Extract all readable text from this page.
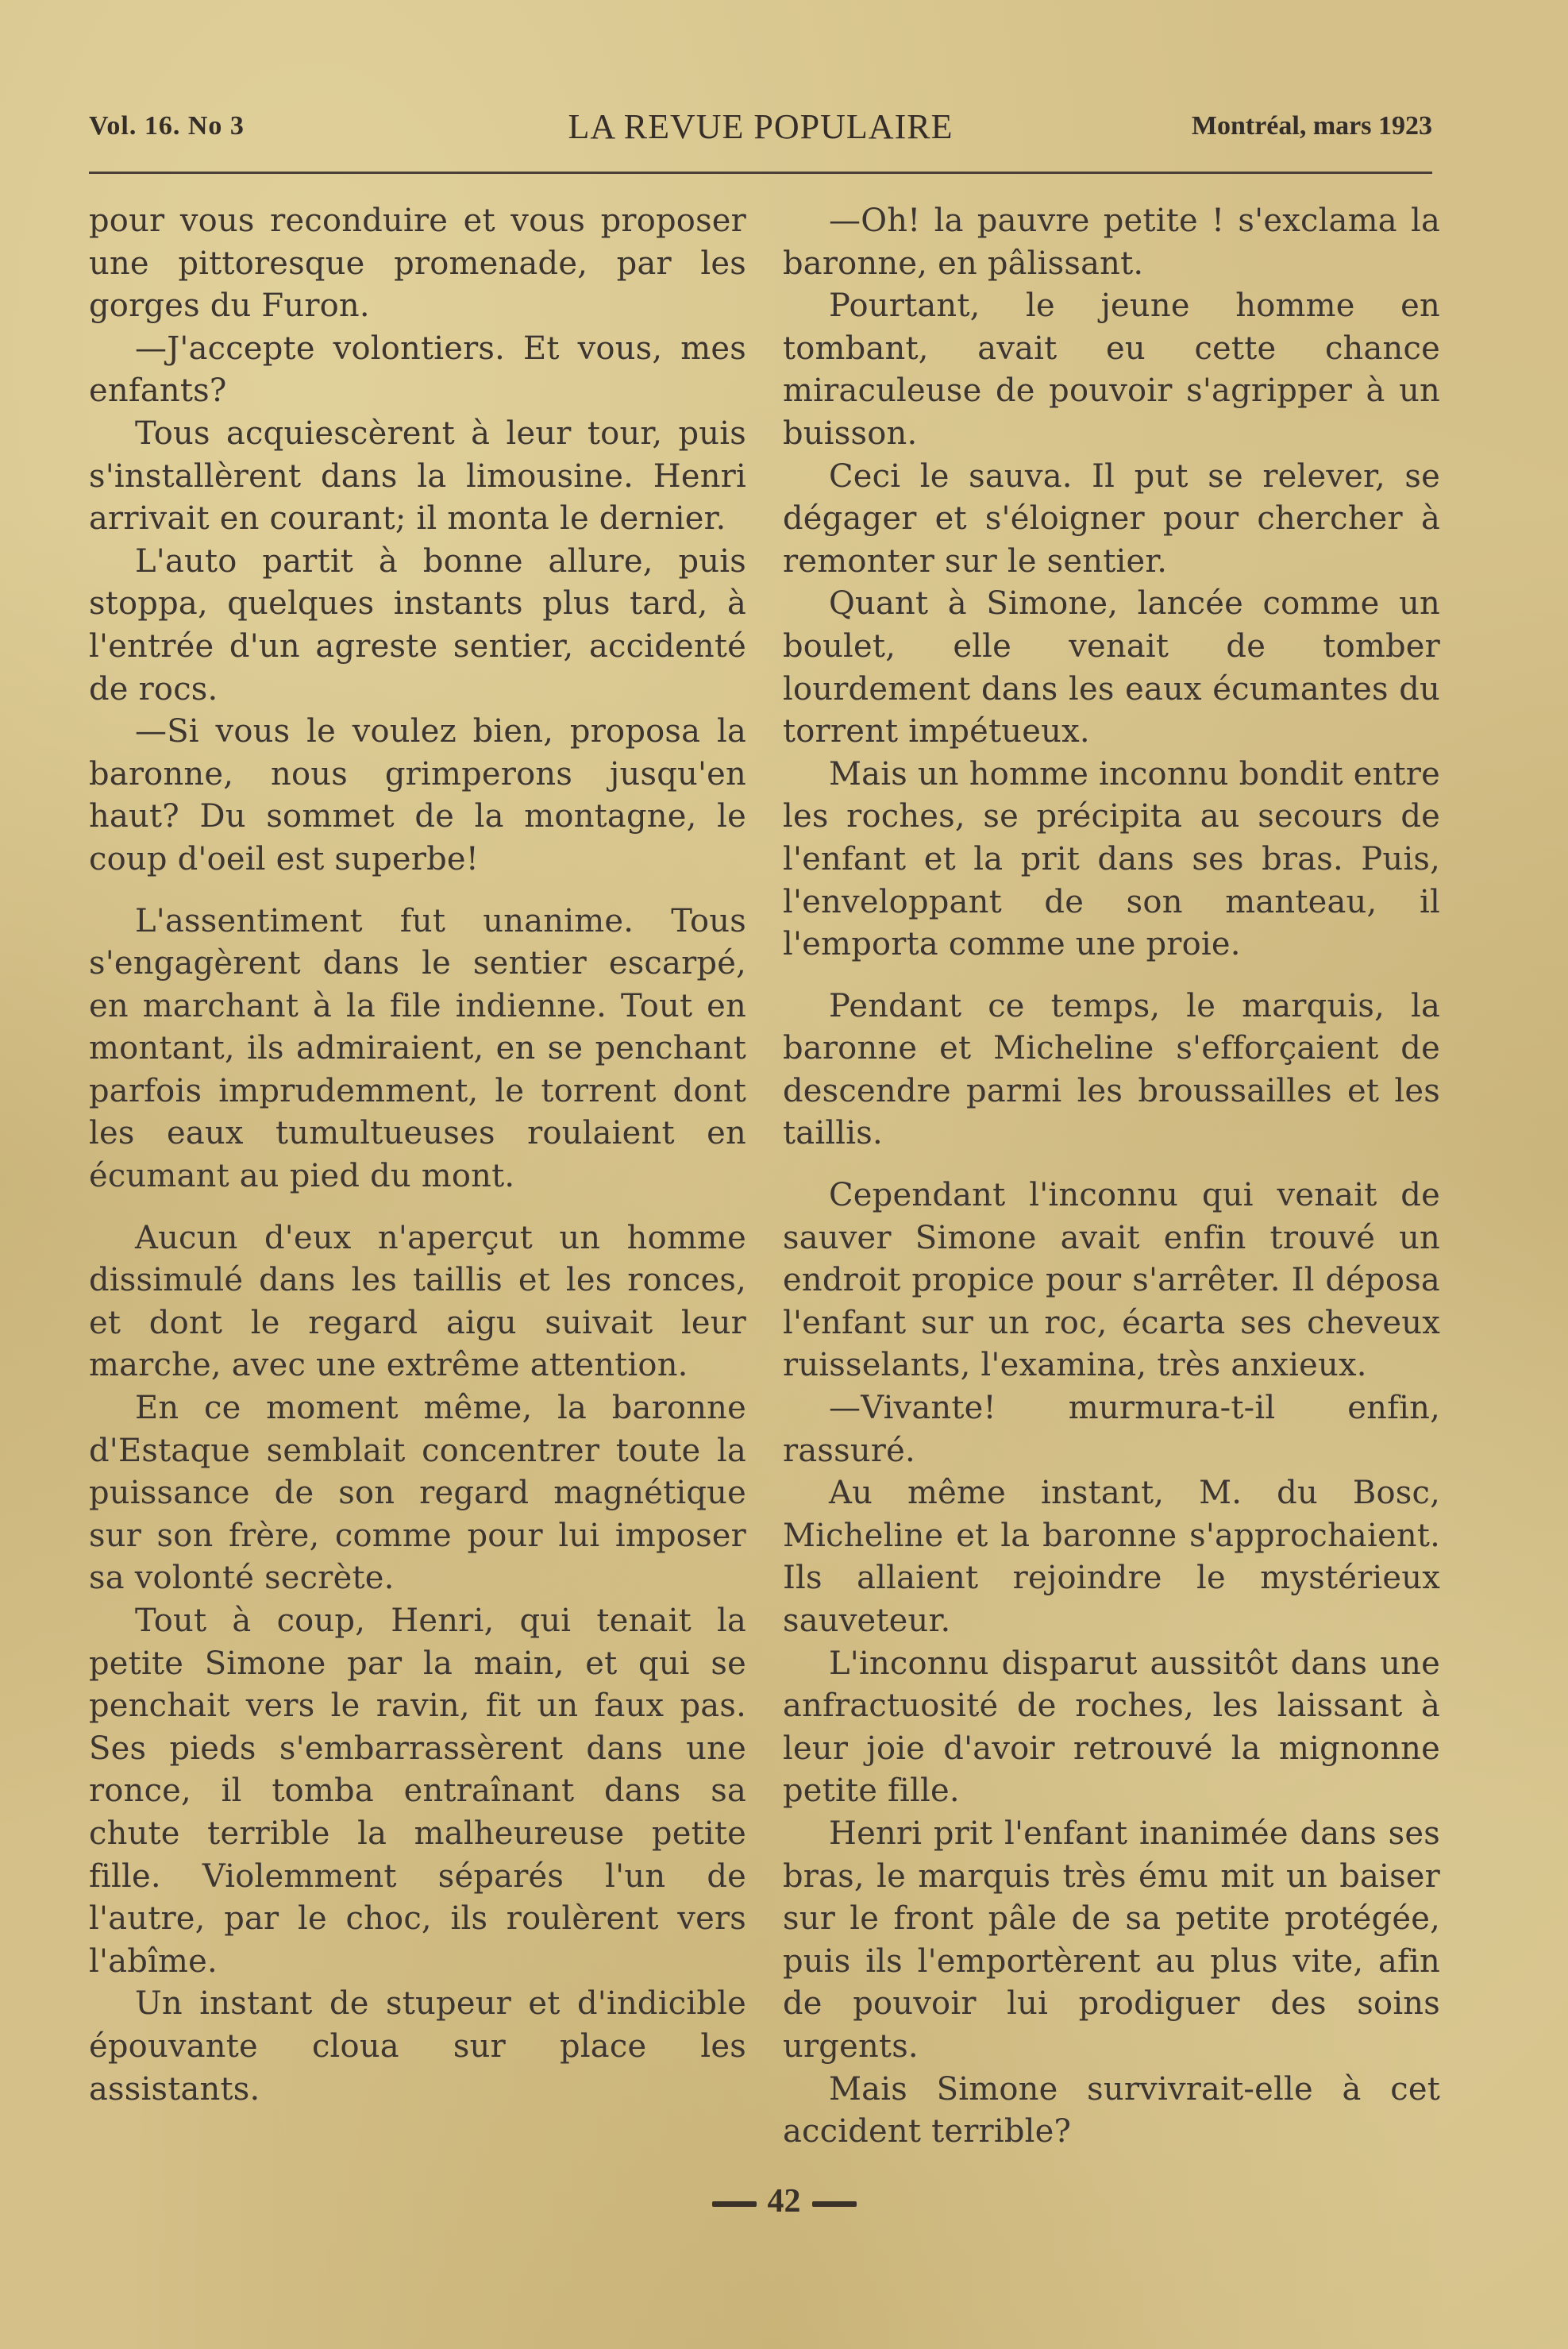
Vol. 16. No 3	LA REVUE POPULAIRE	Montréal, mars 1923

pour vous reconduire et vous proposer une pittoresque promenade, par les gorges du Furon.

—J'accepte volontiers. Et vous, mes enfants?

Tous acquiescèrent à leur tour, puis s'installèrent dans la limousine. Henri arrivait en courant; il monta le dernier.

L'auto partit à bonne allure, puis stoppa, quelques instants plus tard, à l'entrée d'un agreste sentier, accidenté de rocs.

—Si vous le voulez bien, proposa la baronne, nous grimperons jusqu'en haut? Du sommet de la montagne, le coup d'oeil est superbe!

L'assentiment fut unanime. Tous s'engagèrent dans le sentier escarpé, en marchant à la file indienne. Tout en montant, ils admiraient, en se penchant parfois imprudemment, le torrent dont les eaux tumultueuses roulaient en écumant au pied du mont.

Aucun d'eux n'aperçut un homme dissimulé dans les taillis et les ronces, et dont le regard aigu suivait leur marche, avec une extrême attention.

En ce moment même, la baronne d'Estaque semblait concentrer toute la puissance de son regard magnétique sur son frère, comme pour lui imposer sa volonté secrète.

Tout à coup, Henri, qui tenait la petite Simone par la main, et qui se penchait vers le ravin, fit un faux pas. Ses pieds s'embarrassèrent dans une ronce, il tomba entraînant dans sa chute terrible la malheureuse petite fille. Violemment séparés l'un de l'autre, par le choc, ils roulèrent vers l'abîme.

Un instant de stupeur et d'indicible épouvante cloua sur place les assistants.

—Oh! la pauvre petite ! s'exclama la baronne, en pâlissant.

Pourtant, le jeune homme en tombant, avait eu cette chance miraculeuse de pouvoir s'agripper à un buisson.

Ceci le sauva. Il put se relever, se dégager et s'éloigner pour chercher à remonter sur le sentier.

Quant à Simone, lancée comme un boulet, elle venait de tomber lourdement dans les eaux écumantes du torrent impétueux.

Mais un homme inconnu bondit entre les roches, se précipita au secours de l'enfant et la prit dans ses bras. Puis, l'enveloppant de son manteau, il l'emporta comme une proie.

Pendant ce temps, le marquis, la baronne et Micheline s'efforçaient de descendre parmi les broussailles et les taillis.

Cependant l'inconnu qui venait de sauver Simone avait enfin trouvé un endroit propice pour s'arrêter. Il déposa l'enfant sur un roc, écarta ses cheveux ruisselants, l'examina, très anxieux.

—Vivante! murmura-t-il enfin, rassuré.

Au même instant, M. du Bosc, Micheline et la baronne s'approchaient. Ils allaient rejoindre le mystérieux sauveteur.

L'inconnu disparut aussitôt dans une anfractuosité de roches, les laissant à leur joie d'avoir retrouvé la mignonne petite fille.

Henri prit l'enfant inanimée dans ses bras, le marquis très ému mit un baiser sur le front pâle de sa petite protégée, puis ils l'emportèrent au plus vite, afin de pouvoir lui prodiguer des soins urgents.

Mais Simone survivrait-elle à cet accident terrible?

42
